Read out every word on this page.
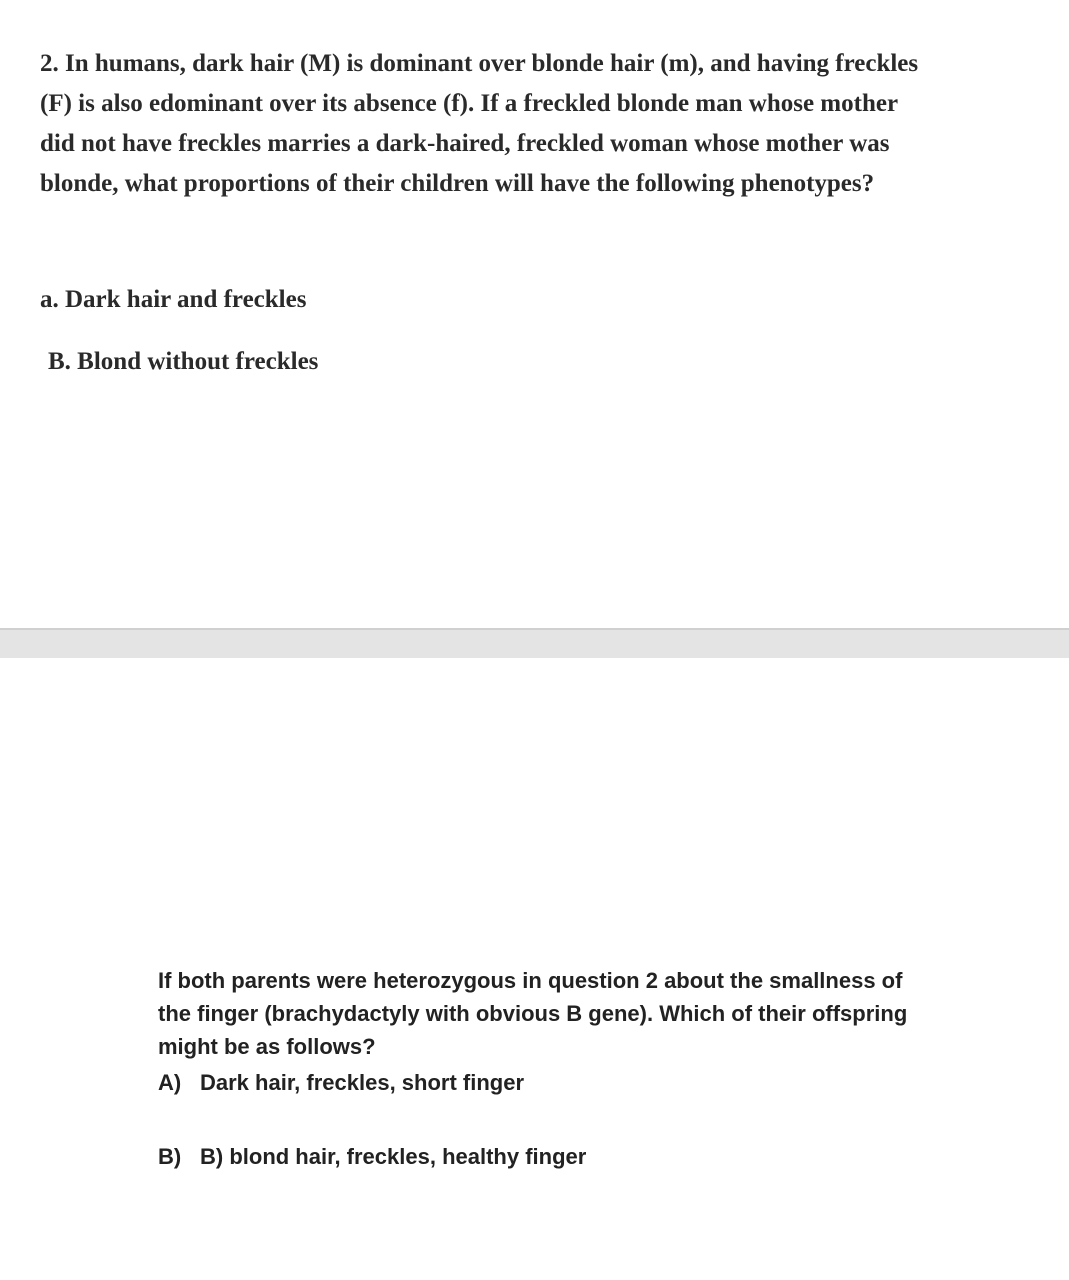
2. In humans, dark hair (M) is dominant over blonde hair (m), and having freckles
(F) is also edominant over its absence (f). If a freckled blonde man whose mother
did not have freckles marries a dark-haired, freckled woman whose mother was
blonde, what proportions of their children will have the following phenotypes?
a. Dark hair and freckles
B. Blond without freckles
If both parents were heterozygous in question 2 about the smallness of
the finger (brachydactyly with obvious B gene). Which of their offspring
might be as follows?
A) Dark hair, freckles, short finger
B) B) blond hair, freckles, healthy finger
